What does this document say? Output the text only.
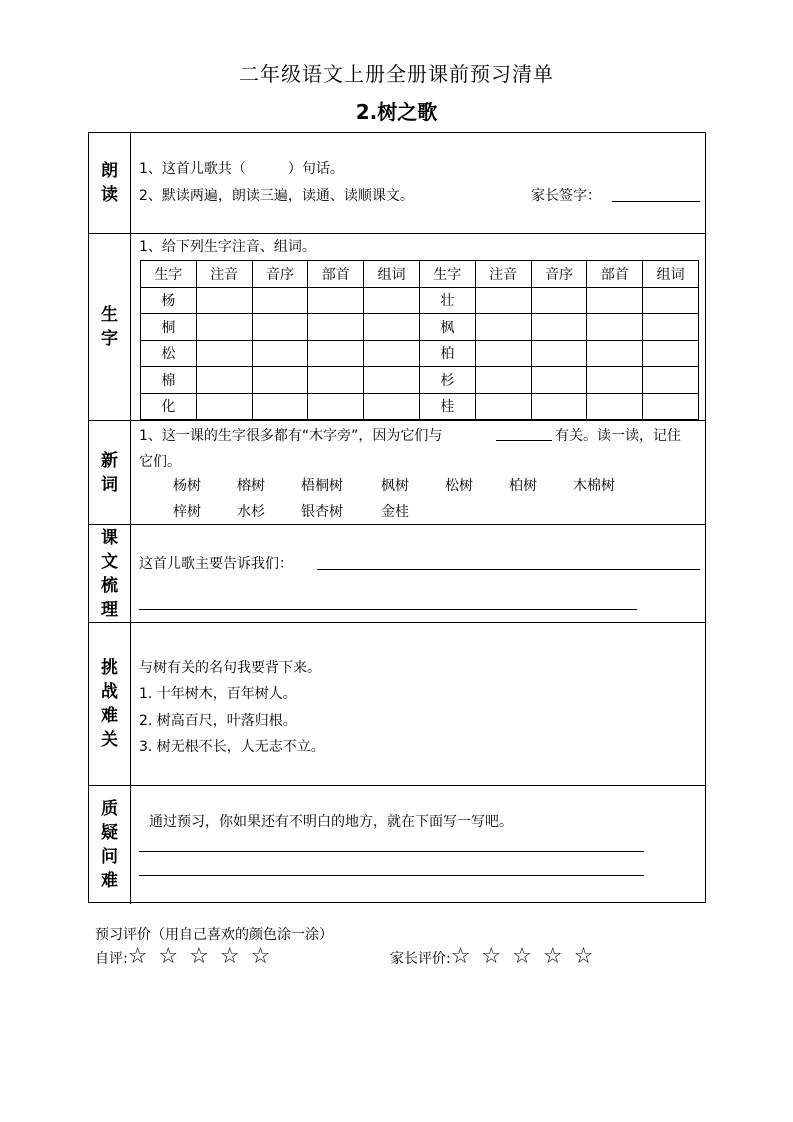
二年级语文上册全册课前预习清单
2.树之歌
朗
读
1、这首儿歌共（　　　）句话。
2、默读两遍，朗读三遍，读通、读顺课文。	家长签字：
生
字
1、给下列生字注音、组词。
生字	注音	音序	部首	组词	生字	注音	音序	部首	组词
杨					壮				
桐					枫				
松					柏				
棉					杉				
化					桂				
新
词
1、这一课的生字很多都有“木字旁”，因为它们与	有关。读一读，记住
它们。
杨树	榕树	梧桐树	枫树	松树	柏树	木棉树
梓树	水杉	银杏树	金桂
课
文
梳
理
这首儿歌主要告诉我们：
挑
战
难
关
与树有关的名句我要背下来。
1. 十年树木，百年树人。
2. 树高百尺，叶落归根。
3. 树无根不长，人无志不立。
质
疑
问
难
通过预习，你如果还有不明白的地方，就在下面写一写吧。
预习评价（用自己喜欢的颜色涂一涂）
自评:☆ ☆ ☆ ☆ ☆	家长评价:☆ ☆ ☆ ☆ ☆
